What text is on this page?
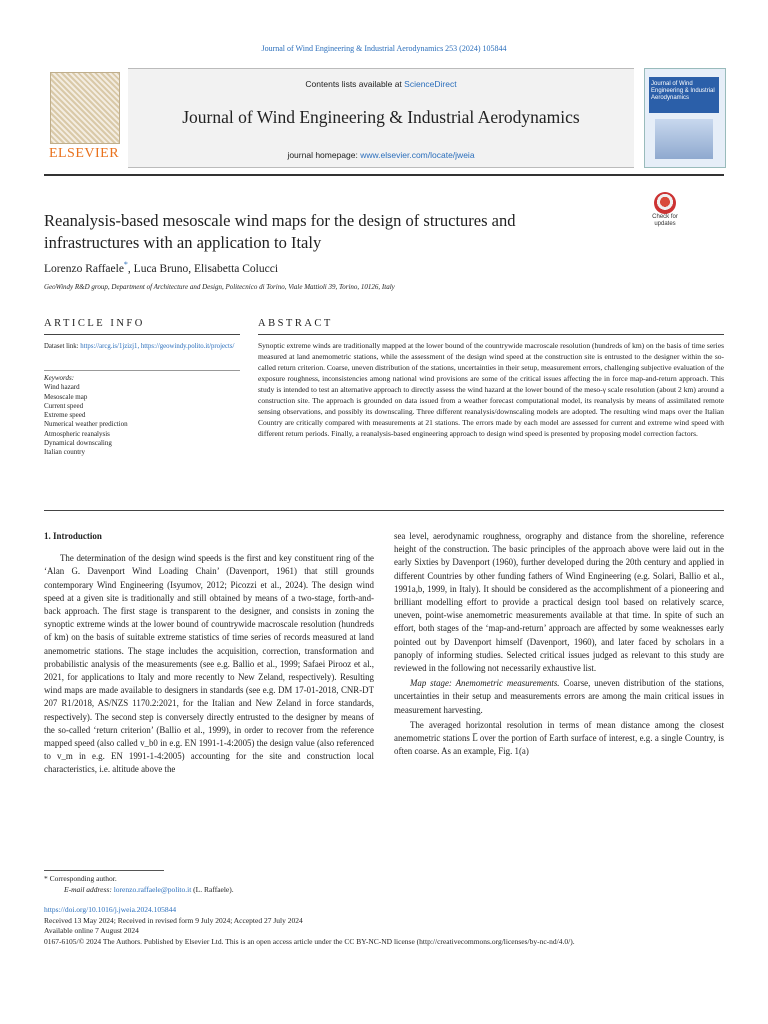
Journal of Wind Engineering & Industrial Aerodynamics 253 (2024) 105844
ELSEVIER
Contents lists available at ScienceDirect
Journal of Wind Engineering & Industrial Aerodynamics
journal homepage: www.elsevier.com/locate/jweia
Journal of Wind Engineering & Industrial Aerodynamics
Reanalysis-based mesoscale wind maps for the design of structures and infrastructures with an application to Italy
Check for updates
Lorenzo Raffaele*, Luca Bruno, Elisabetta Colucci
GeoWindy R&D group, Department of Architecture and Design, Politecnico di Torino, Viale Mattioli 39, Torino, 10126, Italy
ARTICLE INFO	ABSTRACT
Dataset link: https://arcg.is/1jzizj1, https://geowindy.polito.it/projects/
Keywords:
Wind hazard
Mesoscale map
Current speed
Extreme speed
Numerical weather prediction
Atmospheric reanalysis
Dynamical downscaling
Italian country
Synoptic extreme winds are traditionally mapped at the lower bound of the countrywide macroscale resolution (hundreds of km) on the basis of time series measured at land anemometric stations, while the assessment of the design wind speed at the construction site is entrusted to the designer within the so-called return criterion. Coarse, uneven distribution of the stations, uncertainties in their setup, measurement errors, challenging subjective evaluation of the exposure roughness, inconsistencies among national wind provisions are some of the critical issues affecting the in force map-and-return approach. This study is intended to test an alternative approach to directly assess the wind hazard at the lower bound of the meso-γ scale resolution (about 2 km) around a construction site. The approach is grounded on data issued from a weather forecast computational model, its reanalysis by means of assimilated remote sensing observations, and possibly its downscaling. Three different reanalysis/downscaling models are adopted. The resulting wind maps over the Italian Country are critically compared with measurements at 21 stations. The errors made by each model are assessed for current and extreme wind speed with different return periods. Finally, a reanalysis-based engineering approach to design wind speed is presented by proposing model correction factors.
1. Introduction
The determination of the design wind speeds is the first and key constituent ring of the ‘Alan G. Davenport Wind Loading Chain’ (Davenport, 1961) that still grounds contemporary Wind Engineering (Isyumov, 2012; Picozzi et al., 2024). The design wind speed at a given site is traditionally and still obtained by means of a two-stage, forth-and-back approach. The first stage is transparent to the designer, and consists in zoning the synoptic extreme winds at the lower bound of countrywide macroscale resolution (hundreds of km) on the basis of suitable extreme statistics of time series of records measured at land anemometric stations. The stage includes the acquisition, correction, transformation and probabilistic analysis of the measurements (see e.g. Ballio et al., 1999; Safaei Pirooz et al., 2021, for applications to Italy and more recently to New Zeland, respectively). Resulting wind maps are made available to designers in standards (see e.g. DM 17-01-2018, CNR-DT 207 R1/2018, AS/NZS 1170.2:2021, for the Italian and New Zeland in force standards, respectively). The second step is conversely directly entrusted to the designer by means of the so-called ‘return criterion’ (Ballio et al., 1999), in order to recover from the reference mapped speed (also called v_b0 in e.g. EN 1991-1-4:2005) the design value (also referenced to v_m in e.g. EN 1991-1-4:2005) accounting for the site and construction local characteristics, i.e. altitude above the
sea level, aerodynamic roughness, orography and distance from the shoreline, reference height of the construction. The basic principles of the approach above were laid out in the early Sixties by Davenport (1960), further developed during the 20th century and applied in different Countries by other funding fathers of Wind Engineering (e.g. Solari, Ballio et al., 1991a,b, 1999, in Italy). It should be considered as the accomplishment of a pioneering and brilliant modelling effort to provide a practical design tool based on relatively scarce, uneven, point-wise anemometric measurements available at that time. In spite of such an effort, both stages of the ‘map-and-return’ approach are affected by some weaknesses early pointed out by Davenport himself (Davenport, 1960), and later faced by scholars in a panoply of informing studies. Selected critical issues judged as relevant to this study are reviewed in the following not necessarily exhaustive list.
Map stage: Anemometric measurements. Coarse, uneven distribution of the stations, uncertainties in their setup and measurements errors are among the main critical issues in measurement harvesting.
The averaged horizontal resolution in terms of mean distance among the closest anemometric stations L̅ over the portion of Earth surface of interest, e.g. a single Country, is often coarse. As an example, Fig. 1(a)
* Corresponding author.
E-mail address: lorenzo.raffaele@polito.it (L. Raffaele).
https://doi.org/10.1016/j.jweia.2024.105844
Received 13 May 2024; Received in revised form 9 July 2024; Accepted 27 July 2024
Available online 7 August 2024
0167-6105/© 2024 The Authors. Published by Elsevier Ltd. This is an open access article under the CC BY-NC-ND license (http://creativecommons.org/licenses/by-nc-nd/4.0/).
